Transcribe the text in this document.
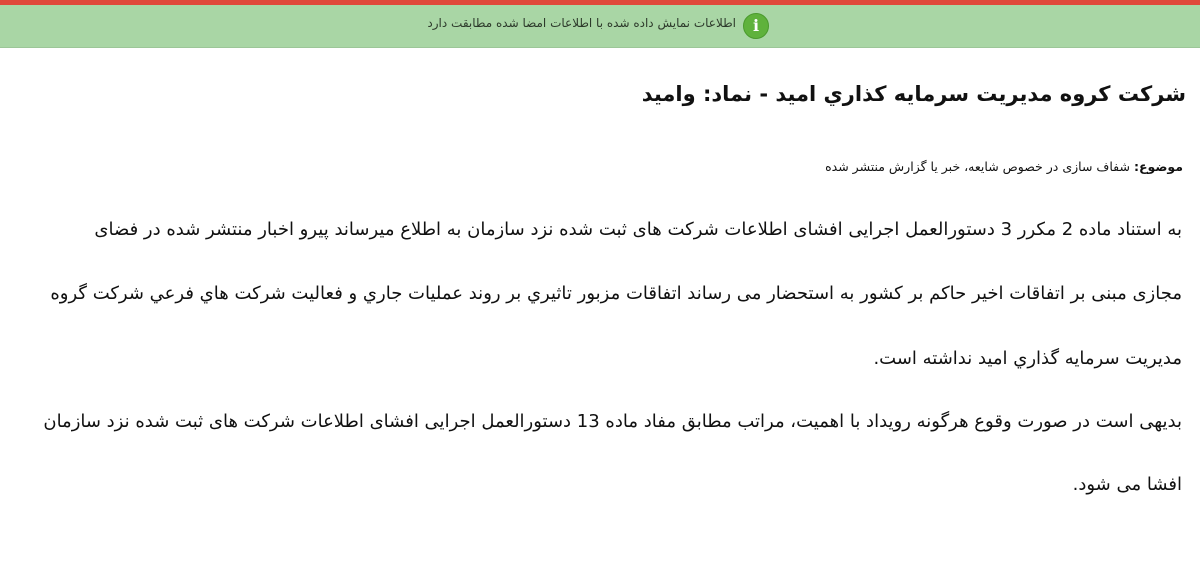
i
اطلاعات نمایش داده شده با اطلاعات امضا شده مطابقت دارد
شركت كروه مديريت سرمايه كذاري اميد - نماد: واميد
موضوع: شفاف سازی در خصوص شایعه، خبر یا گزارش منتشر شده
به استناد ماده 2 مکرر 3 دستورالعمل اجرایی افشای اطلاعات شرکت های ثبت شده نزد سازمان به اطلاع میرساند پیرو اخبار منتشر شده در فضای
مجازی مبنی بر اتفاقات اخیر حاکم بر کشور به استحضار می رساند اتفاقات مزبور تاثیري بر روند عملیات جاري و فعالیت شرکت هاي فرعي شرکت گروه
مدیریت سرمایه گذاري امید نداشته است.
بدیهی است در صورت وقوع هرگونه رویداد با اهمیت، مراتب مطابق مفاد ماده 13 دستورالعمل اجرایی افشای اطلاعات شرکت های ثبت شده نزد سازمان
افشا می شود.
